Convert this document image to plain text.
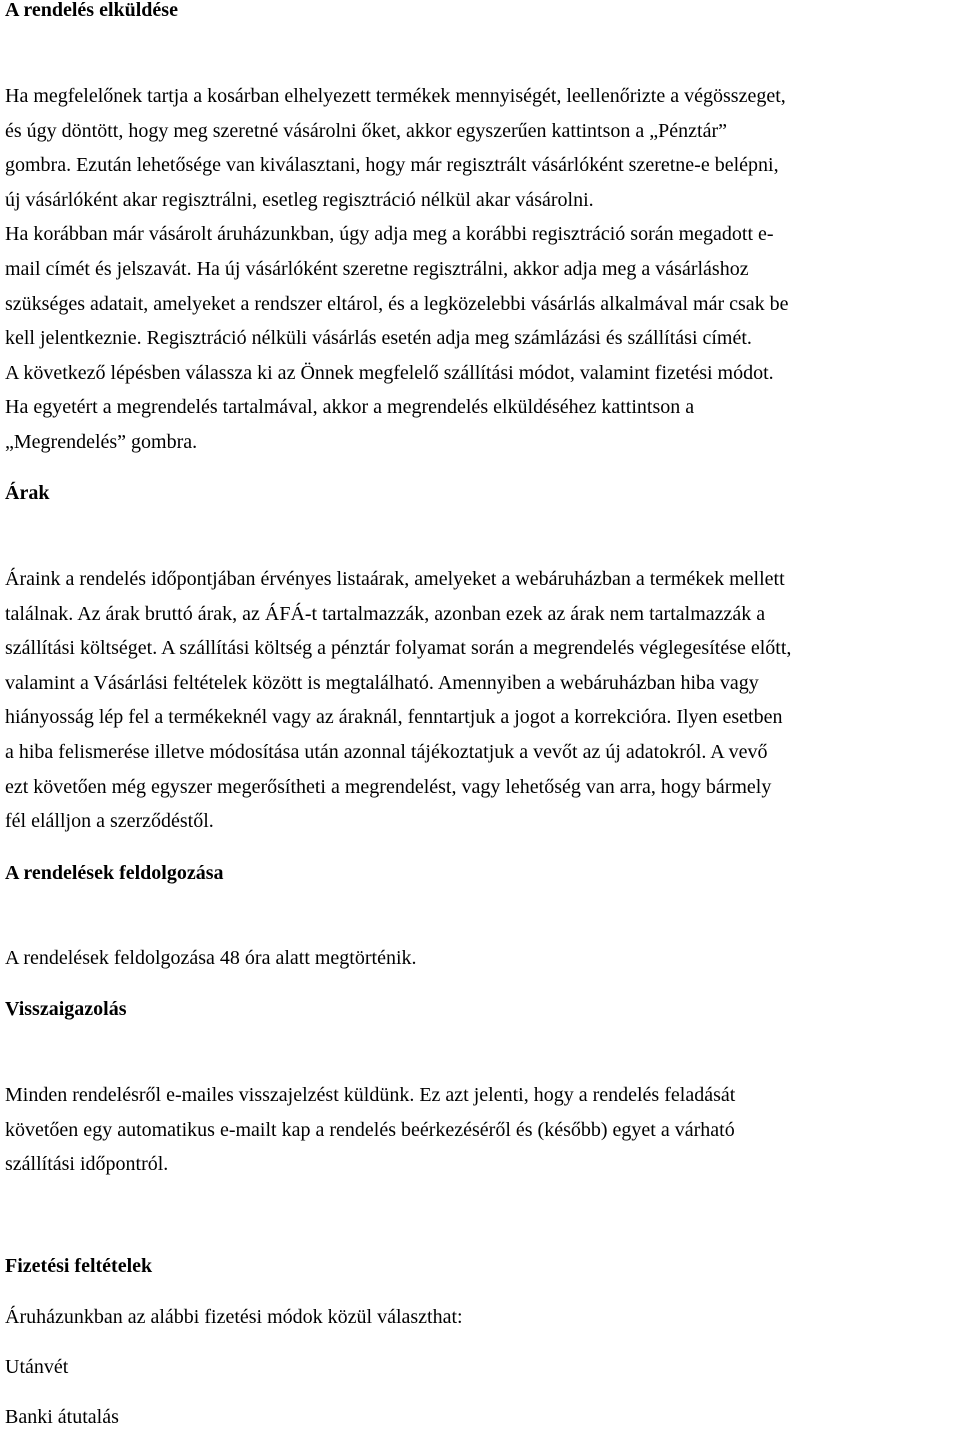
A rendelés elküldése
Ha megfelelőnek tartja a kosárban elhelyezett termékek mennyiségét, leellenőrizte a végösszeget,
és úgy döntött, hogy meg szeretné vásárolni őket, akkor egyszerűen kattintson a „Pénztár”
gombra. Ezután lehetősége van kiválasztani, hogy már regisztrált vásárlóként szeretne-e belépni,
új vásárlóként akar regisztrálni, esetleg regisztráció nélkül akar vásárolni.
Ha korábban már vásárolt áruházunkban, úgy adja meg a korábbi regisztráció során megadott e-
mail címét és jelszavát. Ha új vásárlóként szeretne regisztrálni, akkor adja meg a vásárláshoz
szükséges adatait, amelyeket a rendszer eltárol, és a legközelebbi vásárlás alkalmával már csak be
kell jelentkeznie. Regisztráció nélküli vásárlás esetén adja meg számlázási és szállítási címét.
A következő lépésben válassza ki az Önnek megfelelő szállítási módot, valamint fizetési módot.
Ha egyetért a megrendelés tartalmával, akkor a megrendelés elküldéséhez kattintson a
„Megrendelés” gombra.
Árak
Áraink a rendelés időpontjában érvényes listaárak, amelyeket a webáruházban a termékek mellett
találnak. Az árak bruttó árak, az ÁFÁ-t tartalmazzák, azonban ezek az árak nem tartalmazzák a
szállítási költséget. A szállítási költség a pénztár folyamat során a megrendelés véglegesítése előtt,
valamint a Vásárlási feltételek között is megtalálható. Amennyiben a webáruházban hiba vagy
hiányosság lép fel a termékeknél vagy az áraknál, fenntartjuk a jogot a korrekcióra. Ilyen esetben
a hiba felismerése illetve módosítása után azonnal tájékoztatjuk a vevőt az új adatokról. A vevő
ezt követően még egyszer megerősítheti a megrendelést, vagy lehetőség van arra, hogy bármely
fél elálljon a szerződéstől.
A rendelések feldolgozása
A rendelések feldolgozása 48 óra alatt megtörténik.
Visszaigazolás
Minden rendelésről e-mailes visszajelzést küldünk. Ez azt jelenti, hogy a rendelés feladását
követően egy automatikus e-mailt kap a rendelés beérkezéséről és (később) egyet a várható
szállítási időpontról.
Fizetési feltételek
Áruházunkban az alábbi fizetési módok közül választhat:
Utánvét
Banki átutalás
